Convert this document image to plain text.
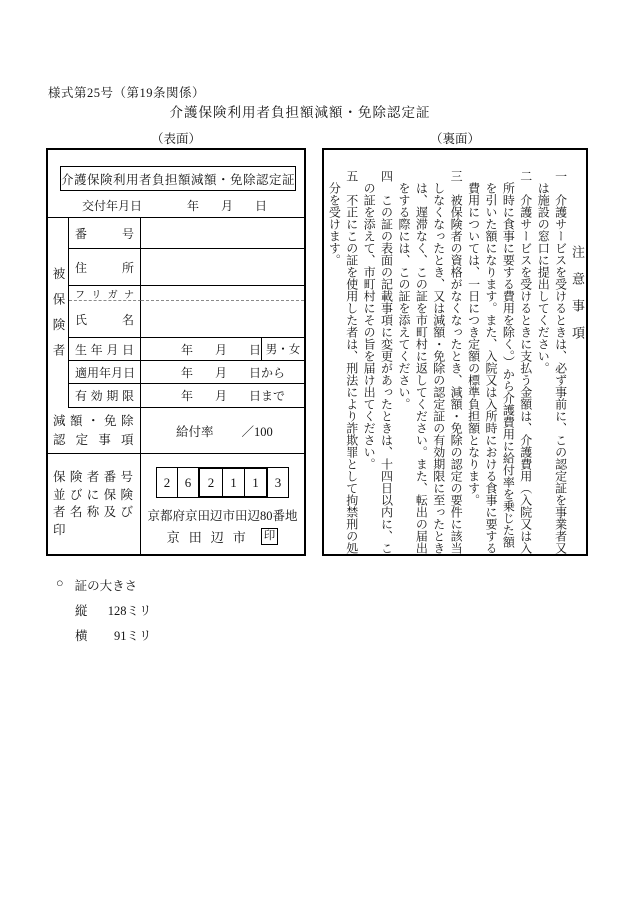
様式第25号（第19条関係）
介護保険利用者負担額減額・免除認定証
（表面）	（裏面）
介護保険利用者負担額減額・免除認定証
交付年月日	年 月 日
被保険者
番	号
住	所
フ リ ガ ナ
氏	名
生 年 月 日	年 月 日 男・女
適 用 年 月 日	年 月 日から
有 効 期 限	年 月 日まで
減額・免除認定事項
給付率 ／100
保険者番号並びに保険者名称及び印
2	6	2	1	1	3
京都府京田辺市田辺80番地
京田辺市 印

注意事項

一　介護サービスを受けるときは、必ず事前に、この認定証を事業者又は施設の窓口に提出してください。

二　介護サービスを受けるときに支払う金額は、介護費用（入院又は入所時に食事に要する費用を除く。）から介護費用に給付率を乗じた額を引いた額になります。また、入院又は入所時における食事に要する費用については、一日につき定額の標準負担額となります。

三　被保険者の資格がなくなったとき、減額・免除の認定の要件に該当しなくなったとき、又は減額・免除の認定証の有効期限に至ったときは、遅滞なく、この証を市町村に返してください。また、転出の届出をする際には、この証を添えてください。

四　この証の表面の記載事項に変更があったときは、十四日以内に、この証を添えて、市町村にその旨を届け出てください。

五　不正にこの証を使用した者は、刑法により詐欺罪として拘禁刑の処分を受けます。

○ 証の大きさ
縦	128ミリ
横	91ミリ
